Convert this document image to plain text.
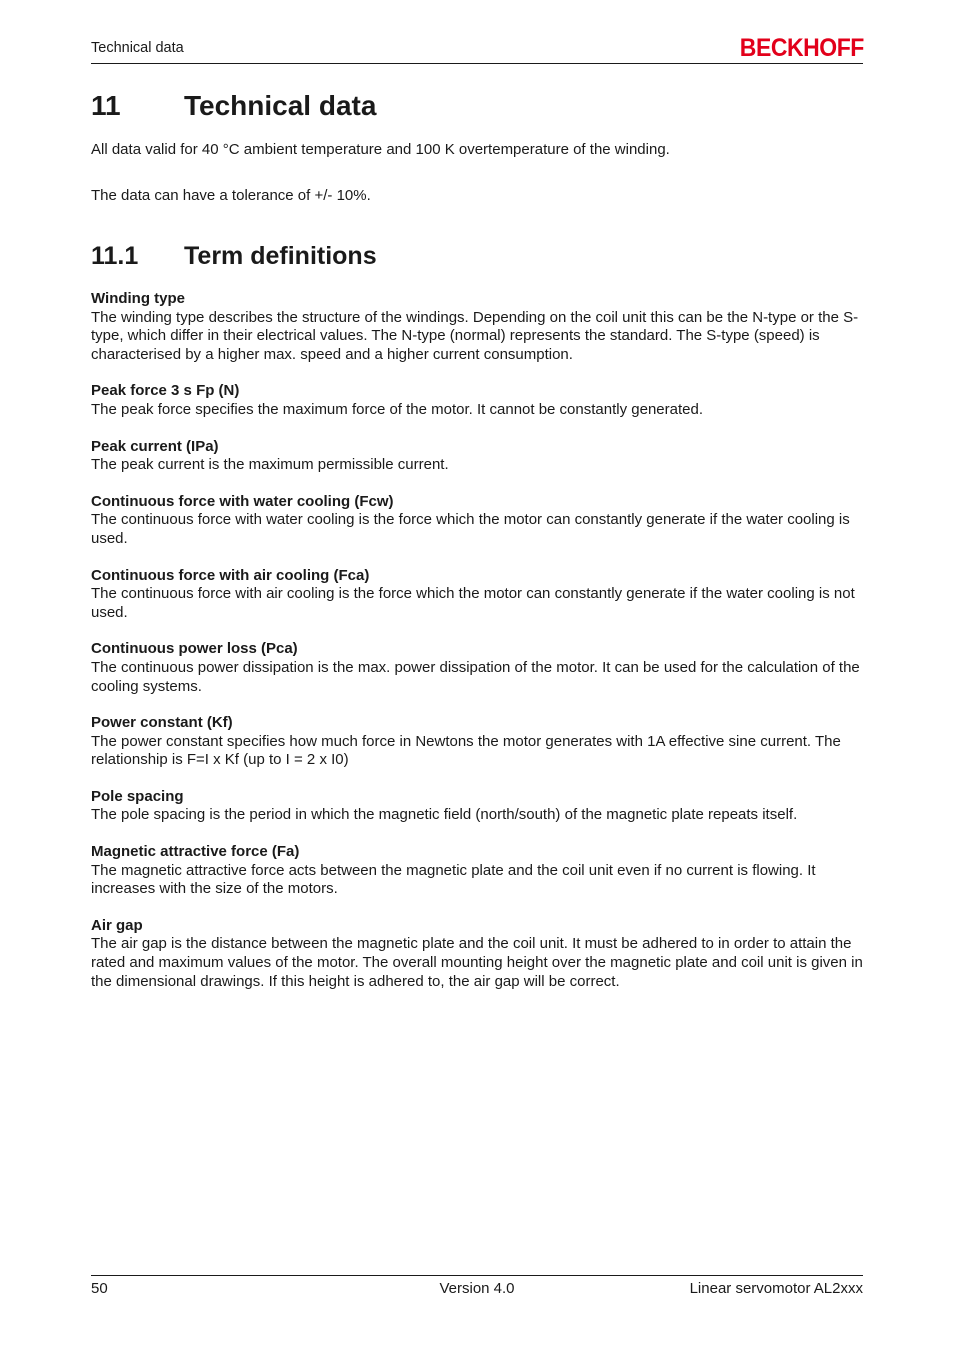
Technical data	BECKHOFF
11 Technical data
All data valid for 40 °C ambient temperature and 100 K overtemperature of the winding.
The data can have a tolerance of +/- 10%.
11.1 Term definitions
Winding type
The winding type describes the structure of the windings. Depending on the coil unit this can be the N-type or the S-type, which differ in their electrical values. The N-type (normal) represents the standard. The S-type (speed) is characterised by a higher max. speed and a higher current consumption.
Peak force 3 s Fp (N)
The peak force specifies the maximum force of the motor. It cannot be constantly generated.
Peak current (IPa)
The peak current is the maximum permissible current.
Continuous force with water cooling (Fcw)
The continuous force with water cooling is the force which the motor can constantly generate if the water cooling is used.
Continuous force with air cooling (Fca)
The continuous force with air cooling is the force which the motor can constantly generate if the water cooling is not used.
Continuous power loss (Pca)
The continuous power dissipation is the max. power dissipation of the motor. It can be used for the calculation of the cooling systems.
Power constant (Kf)
The power constant specifies how much force in Newtons the motor generates with 1A effective sine current. The relationship is F=I x Kf (up to I = 2 x I0)
Pole spacing
The pole spacing is the period in which the magnetic field (north/south) of the magnetic plate repeats itself.
Magnetic attractive force (Fa)
The magnetic attractive force acts between the magnetic plate and the coil unit even if no current is flowing. It increases with the size of the motors.
Air gap
The air gap is the distance between the magnetic plate and the coil unit. It must be adhered to in order to attain the rated and maximum values of the motor. The overall mounting height over the magnetic plate and coil unit is given in the dimensional drawings. If this height is adhered to, the air gap will be correct.
50	Version 4.0	Linear servomotor AL2xxx
